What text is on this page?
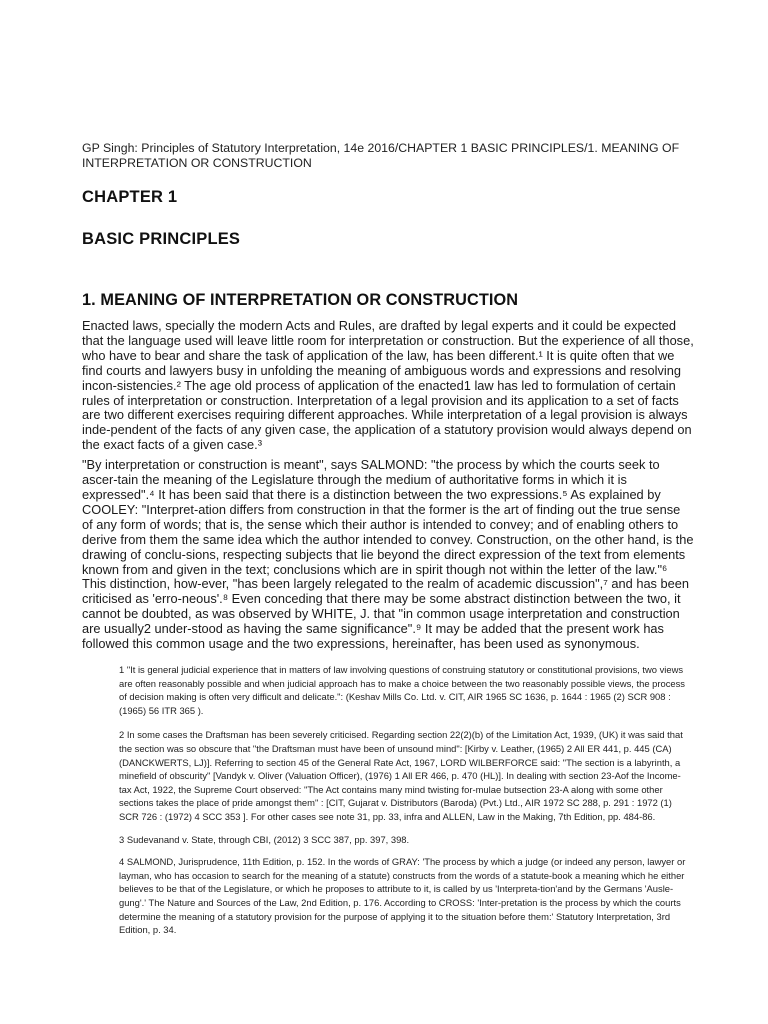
GP Singh: Principles of Statutory Interpretation, 14e 2016/CHAPTER 1 BASIC PRINCIPLES/1. MEANING OF INTERPRETATION OR CONSTRUCTION
CHAPTER 1
BASIC PRINCIPLES
1. MEANING OF INTERPRETATION OR CONSTRUCTION

Enacted laws, specially the modern Acts and Rules, are drafted by legal experts and it could be expected that the language used will leave little room for interpretation or construction. But the experience of all those, who have to bear and share the task of application of the law, has been different.¹ It is quite often that we find courts and lawyers busy in unfolding the meaning of ambiguous words and expressions and resolving incon-sistencies.² The age old process of application of the enacted1 law has led to formulation of certain rules of interpretation or construction. Interpretation of a legal provision and its application to a set of facts are two different exercises requiring different approaches. While interpretation of a legal provision is always inde-pendent of the facts of any given case, the application of a statutory provision would always depend on the exact facts of a given case.³

"By interpretation or construction is meant", says SALMOND: "the process by which the courts seek to ascer-tain the meaning of the Legislature through the medium of authoritative forms in which it is expressed".⁴ It has been said that there is a distinction between the two expressions.⁵ As explained by COOLEY: "Interpret-ation differs from construction in that the former is the art of finding out the true sense of any form of words; that is, the sense which their author is intended to convey; and of enabling others to derive from them the same idea which the author intended to convey. Construction, on the other hand, is the drawing of conclu-sions, respecting subjects that lie beyond the direct expression of the text from elements known from and given in the text; conclusions which are in spirit though not within the letter of the law."⁶ This distinction, how-ever, "has been largely relegated to the realm of academic discussion",⁷ and has been criticised as 'erro-neous'.⁸ Even conceding that there may be some abstract distinction between the two, it cannot be doubted, as was observed by WHITE, J. that "in common usage interpretation and construction are usually2 under-stood as having the same significance".⁹ It may be added that the present work has followed this common usage and the two expressions, hereinafter, has been used as synonymous.

1 "It is general judicial experience that in matters of law involving questions of construing statutory or constitutional provisions, two views are often reasonably possible and when judicial approach has to make a choice between the two reasonably possible views, the process of decision making is often very difficult and delicate.": (Keshav Mills Co. Ltd. v. CIT, AIR 1965 SC 1636, p. 1644 : 1965 (2) SCR 908 : (1965) 56 ITR 365 ).

2 In some cases the Draftsman has been severely criticised. Regarding section 22(2)(b) of the Limitation Act, 1939, (UK) it was said that the section was so obscure that "the Draftsman must have been of unsound mind": [Kirby v. Leather, (1965) 2 All ER 441, p. 445 (CA) (DANCKWERTS, LJ)]. Referring to section 45 of the General Rate Act, 1967, LORD WILBERFORCE said: "The section is a labyrinth, a minefield of obscurity" [Vandyk v. Oliver (Valuation Officer), (1976) 1 All ER 466, p. 470 (HL)]. In dealing with section 23-Aof the Income-tax Act, 1922, the Supreme Court observed: "The Act contains many mind twisting for-mulae butsection 23-A along with some other sections takes the place of pride amongst them" : [CIT, Gujarat v. Distributors (Baroda) (Pvt.) Ltd., AIR 1972 SC 288, p. 291 : 1972 (1) SCR 726 : (1972) 4 SCC 353 ]. For other cases see note 31, pp. 33, infra and ALLEN, Law in the Making, 7th Edition, pp. 484-86.

3 Sudevanand v. State, through CBI, (2012) 3 SCC 387, pp. 397, 398.

4 SALMOND, Jurisprudence, 11th Edition, p. 152. In the words of GRAY: 'The process by which a judge (or indeed any person, lawyer or layman, who has occasion to search for the meaning of a statute) constructs from the words of a statute-book a meaning which he either believes to be that of the Legislature, or which he proposes to attribute to it, is called by us 'Interpreta-tion'and by the Germans 'Ausle-gung'.' The Nature and Sources of the Law, 2nd Edition, p. 176. According to CROSS: 'Inter-pretation is the process by which the courts determine the meaning of a statutory provision for the purpose of applying it to the situation before them:' Statutory Interpretation, 3rd Edition, p. 34.
